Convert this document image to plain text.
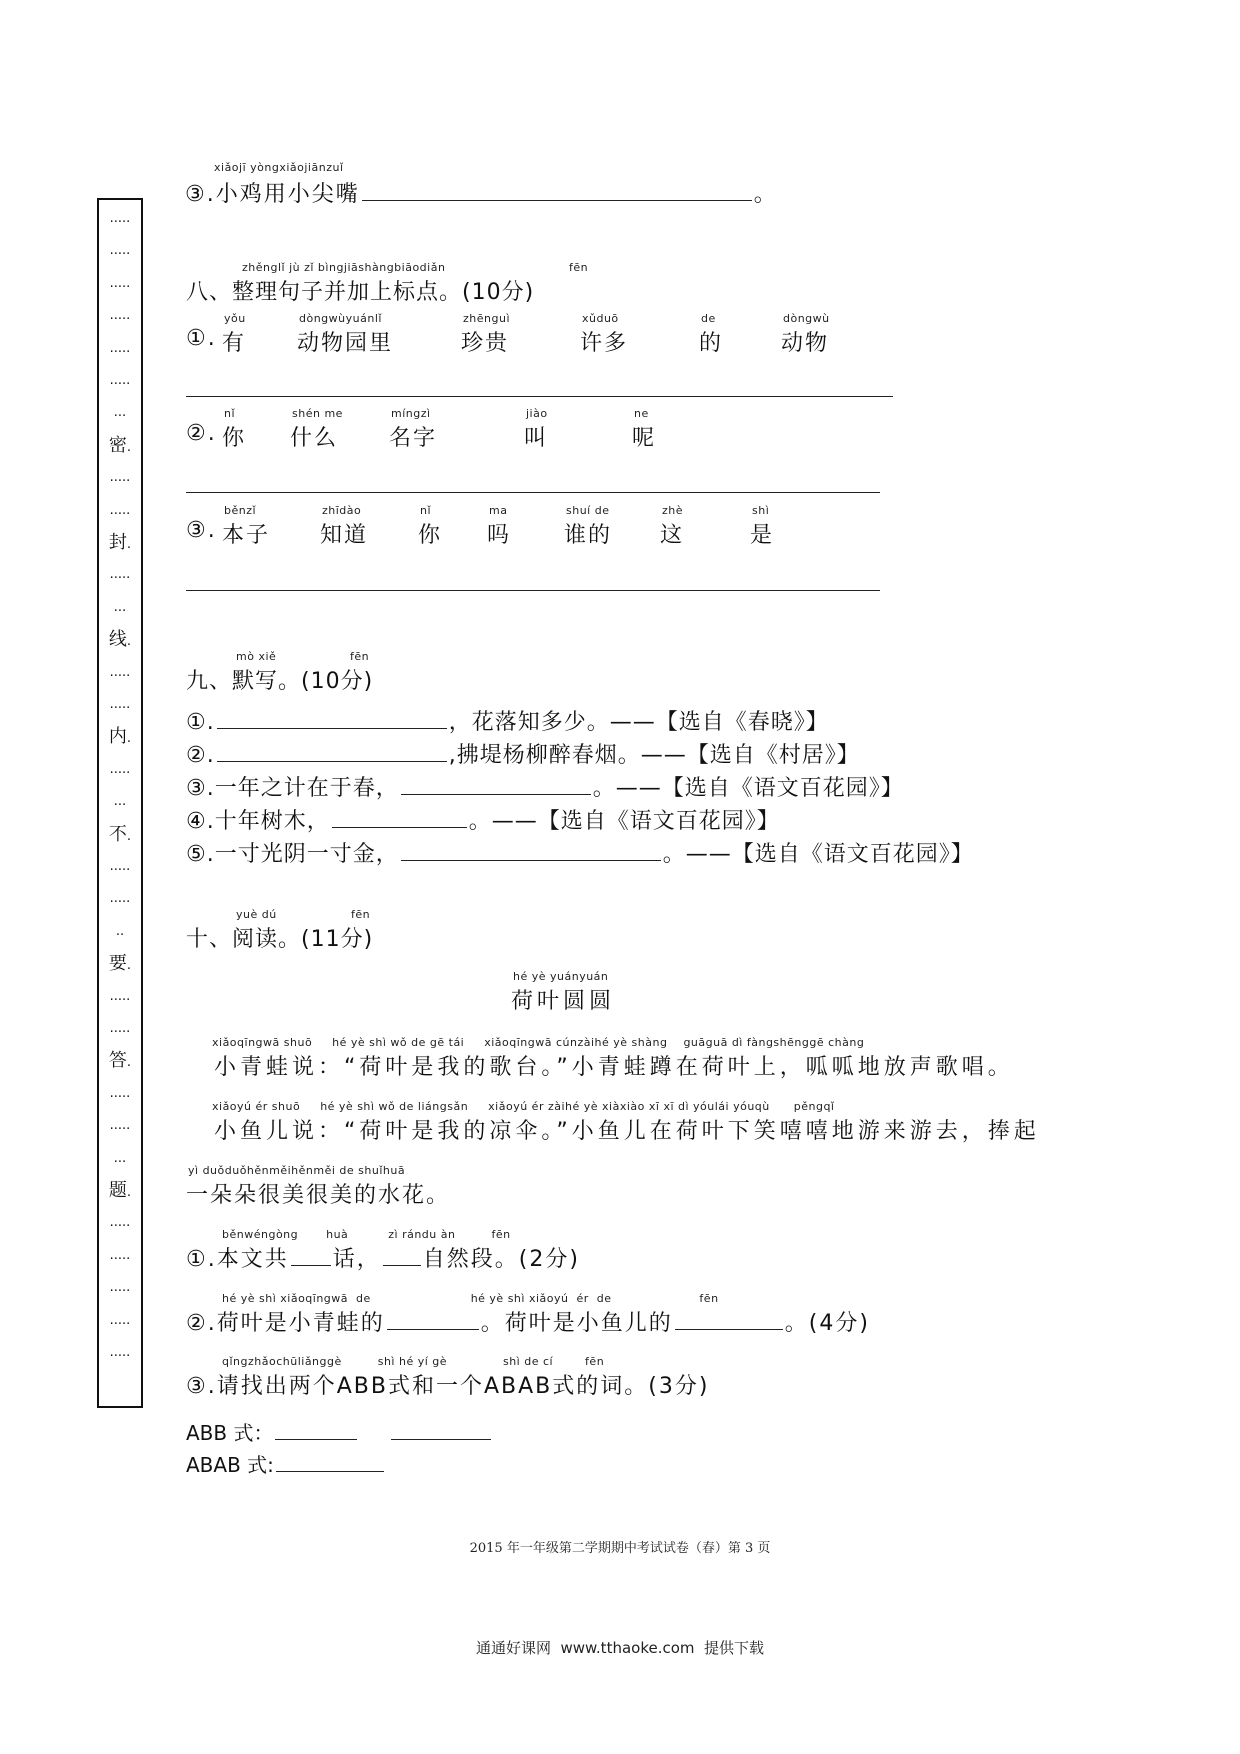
.....
.....
.....
.....
.....
.....
...
密.
.....
.....
封.
.....
...
线.
.....
.....
内.
.....
...
不.
.....
.....
..
要.
.....
.....
答.
.....
.....
...
题.
.....
.....
.....
.....
.....
xiǎojī yòngxiǎojiānzuǐ
③.小鸡用小尖嘴	。
zhěnglǐ jù zǐ bìngjiāshàngbiāodiǎn	fēn
八、整理句子并加上标点。(10分)
①.
yǒu
有
dòngwùyuánlǐ
动物园里
zhēnguì
珍贵
xǔduō
许多
de
的
dòngwù
动物
②.
nǐ
你
shén me
什么
míngzì
名字
jiào
叫
ne
呢
③.
běnzǐ
本子
zhīdào
知道
nǐ
你
ma
吗
shuí de
谁的
zhè
这
shì
是
mò xiě	fēn
九、默写。(10分)
①.	，花落知多少。——【选自《春晓》】
②.	,拂堤杨柳醉春烟。——【选自《村居》】
③.一年之计在于春，	。——【选自《语文百花园》】
④.十年树木，	。——【选自《语文百花园》】
⑤.一寸光阴一寸金，	。——【选自《语文百花园》】
yuè dú	fēn
十、阅读。(11分)
hé yè yuányuán
荷叶圆圆
xiǎoqīngwā shuō     hé yè shì wǒ de gē tái     xiǎoqīngwā cúnzàihé yè shàng    guāguā dì fàngshēnggē chàng
小青蛙说：“荷叶是我的歌台。”小青蛙蹲在荷叶上，呱呱地放声歌唱。
xiǎoyú ér shuō     hé yè shì wǒ de liángsǎn     xiǎoyú ér zàihé yè xiàxiào xī xī dì yóulái yóuqù      pěngqǐ
小鱼儿说：“荷叶是我的凉伞。”小鱼儿在荷叶下笑嘻嘻地游来游去，捧起
yì duǒduǒhěnměihěnměi de shuǐhuā
一朵朵很美很美的水花。
běnwéngòng       huà          zì rándu àn         fēn
①.本文共 话， 自然段。(2分)
hé yè shì xiǎoqīngwā  de                         hé yè shì xiǎoyú  ér  de                      fēn
②.荷叶是小青蛙的	。荷叶是小鱼儿的	。(4分)
qǐngzhǎochūliǎnggè         shì hé yí gè              shì de cí        fēn
③.请找出两个ABB式和一个ABAB式的词。(3分)
ABB 式：
ABAB 式:
2015 年一年级第二学期期中考试试卷（春）第 3 页
通通好课网  www.tthaoke.com  提供下载
